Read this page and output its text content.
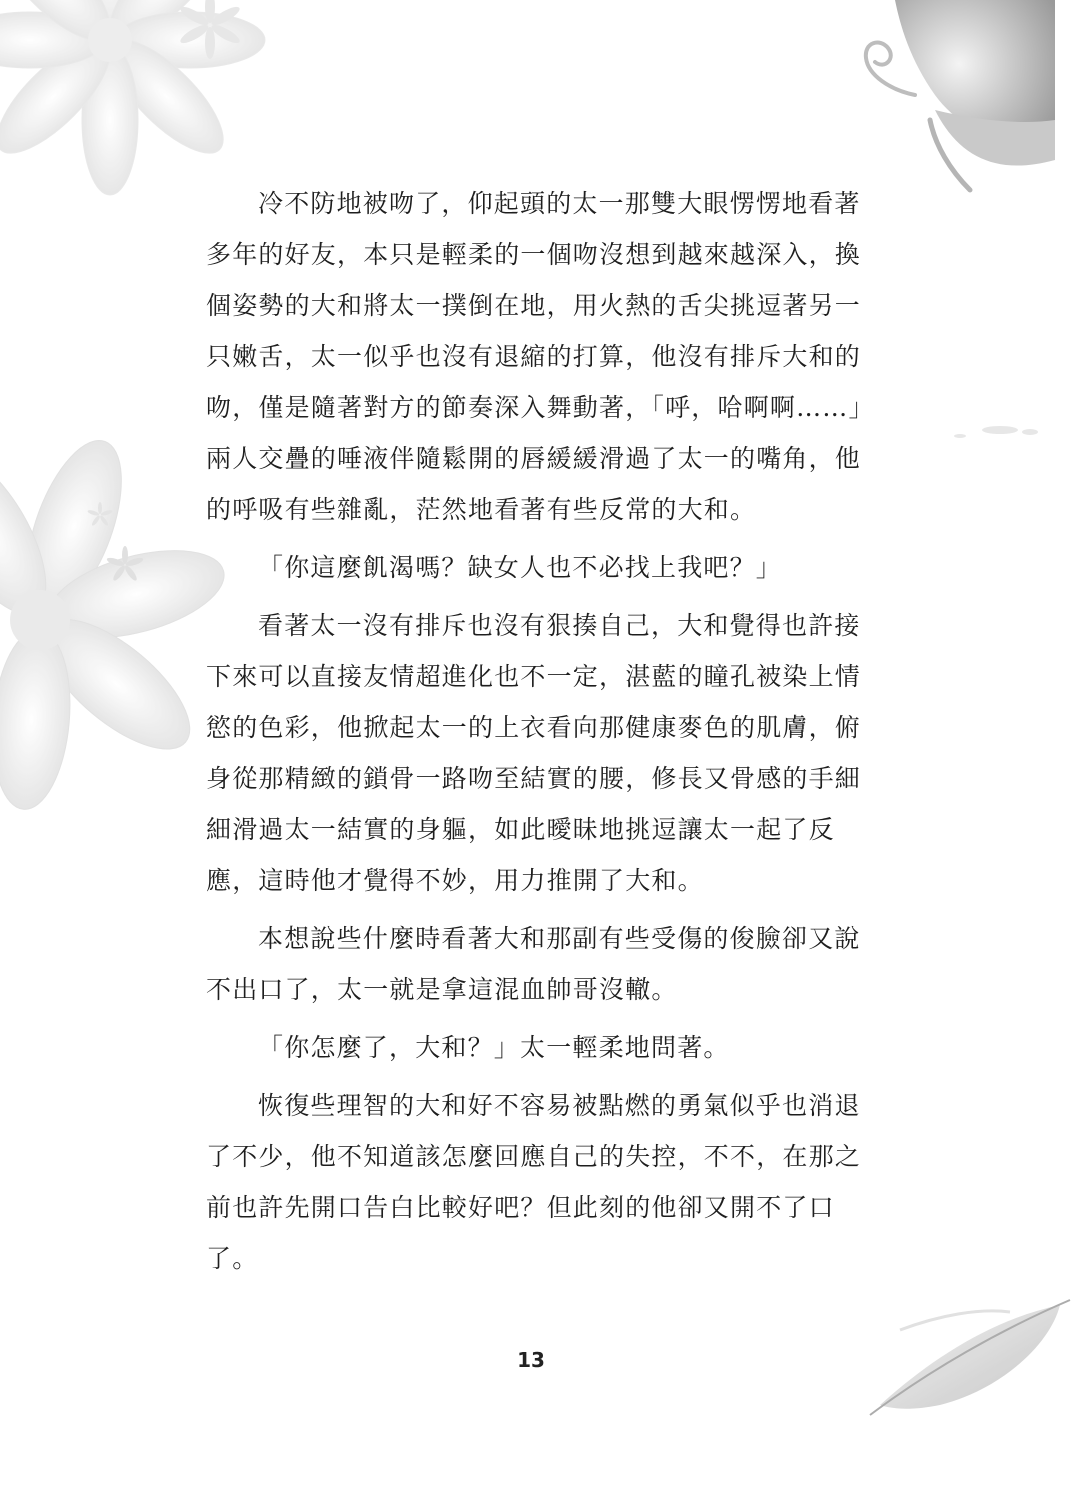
冷不防地被吻了，仰起頭的太一那雙大眼愣愣地看著
多年的好友，本只是輕柔的一個吻沒想到越來越深入，換
個姿勢的大和將太一撲倒在地，用火熱的舌尖挑逗著另一
只嫩舌，太一似乎也沒有退縮的打算，他沒有排斥大和的
吻，僅是隨著對方的節奏深入舞動著，「呼，哈啊啊……」
兩人交疊的唾液伴隨鬆開的唇緩緩滑過了太一的嘴角，他
的呼吸有些雜亂，茫然地看著有些反常的大和。

「你這麼飢渴嗎？缺女人也不必找上我吧？」

看著太一沒有排斥也沒有狠揍自己，大和覺得也許接
下來可以直接友情超進化也不一定，湛藍的瞳孔被染上情
慾的色彩，他掀起太一的上衣看向那健康麥色的肌膚，俯
身從那精緻的鎖骨一路吻至結實的腰，修長又骨感的手細
細滑過太一結實的身軀，如此曖昧地挑逗讓太一起了反
應，這時他才覺得不妙，用力推開了大和。

本想說些什麼時看著大和那副有些受傷的俊臉卻又說
不出口了，太一就是拿這混血帥哥沒轍。

「你怎麼了，大和？」太一輕柔地問著。

恢復些理智的大和好不容易被點燃的勇氣似乎也消退
了不少，他不知道該怎麼回應自己的失控，不不，在那之
前也許先開口告白比較好吧？但此刻的他卻又開不了口
了。

13
